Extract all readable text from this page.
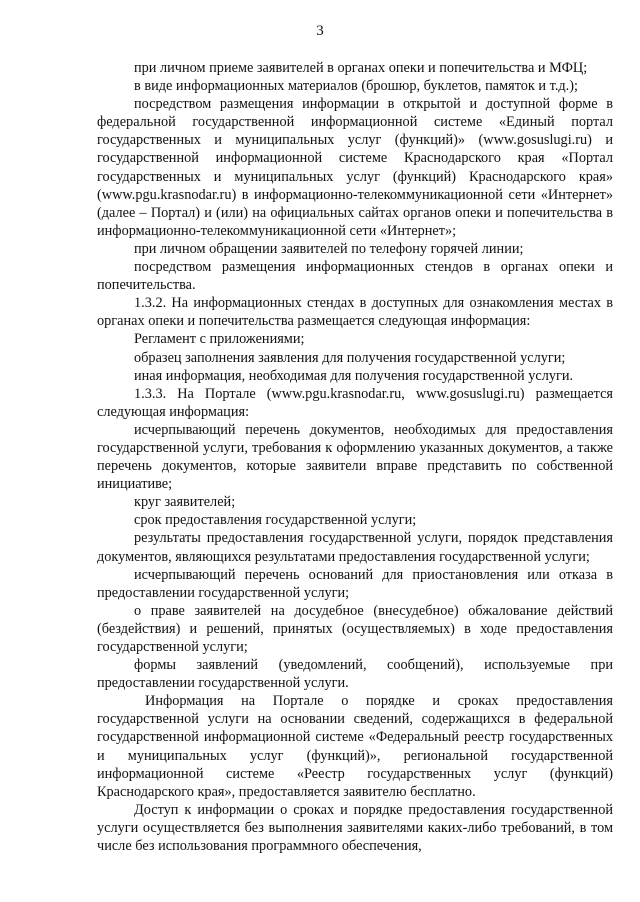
3

при личном приеме заявителей в органах опеки и попечительства и МФЦ;

в виде информационных материалов (брошюр, буклетов, памяток и т.д.);

посредством размещения информации в открытой и доступной форме в федеральной государственной информационной системе «Единый портал государственных и муниципальных услуг (функций)» (www.gosuslugi.ru) и государственной информационной системе Краснодарского края «Портал государственных и муниципальных услуг (функций) Краснодарского края» (www.pgu.krasnodar.ru) в информационно-телекоммуникационной сети «Интернет» (далее – Портал) и (или) на официальных сайтах органов опеки и попечительства в информационно-телекоммуникационной сети «Интернет»;

при личном обращении заявителей по телефону горячей линии;

посредством размещения информационных стендов в органах опеки и попечительства.

1.3.2. На информационных стендах в доступных для ознакомления местах в органах опеки и попечительства размещается следующая информация:

Регламент с приложениями;

образец заполнения заявления для получения государственной услуги;

иная информация, необходимая для получения государственной услуги.

1.3.3. На Портале (www.pgu.krasnodar.ru, www.gosuslugi.ru) размещается следующая информация:

исчерпывающий перечень документов, необходимых для предоставления государственной услуги, требования к оформлению указанных документов, а также перечень документов, которые заявители вправе представить по собственной инициативе;

круг заявителей;

срок предоставления государственной услуги;

результаты предоставления государственной услуги, порядок представления документов, являющихся результатами предоставления государственной услуги;

исчерпывающий перечень оснований для приостановления или отказа в предоставлении государственной услуги;

о праве заявителей на досудебное (внесудебное) обжалование действий (бездействия) и решений, принятых (осуществляемых) в ходе предоставления государственной услуги;

формы заявлений (уведомлений, сообщений), используемые при предоставлении государственной услуги.

Информация на Портале о порядке и сроках предоставления государственной услуги на основании сведений, содержащихся в федеральной государственной информационной системе «Федеральный реестр государственных и муниципальных услуг (функций)», региональной государственной информационной системе «Реестр государственных услуг (функций) Краснодарского края», предоставляется заявителю бесплатно.

Доступ к информации о сроках и порядке предоставления государственной услуги осуществляется без выполнения заявителями каких-либо требований, в том числе без использования программного обеспечения,
